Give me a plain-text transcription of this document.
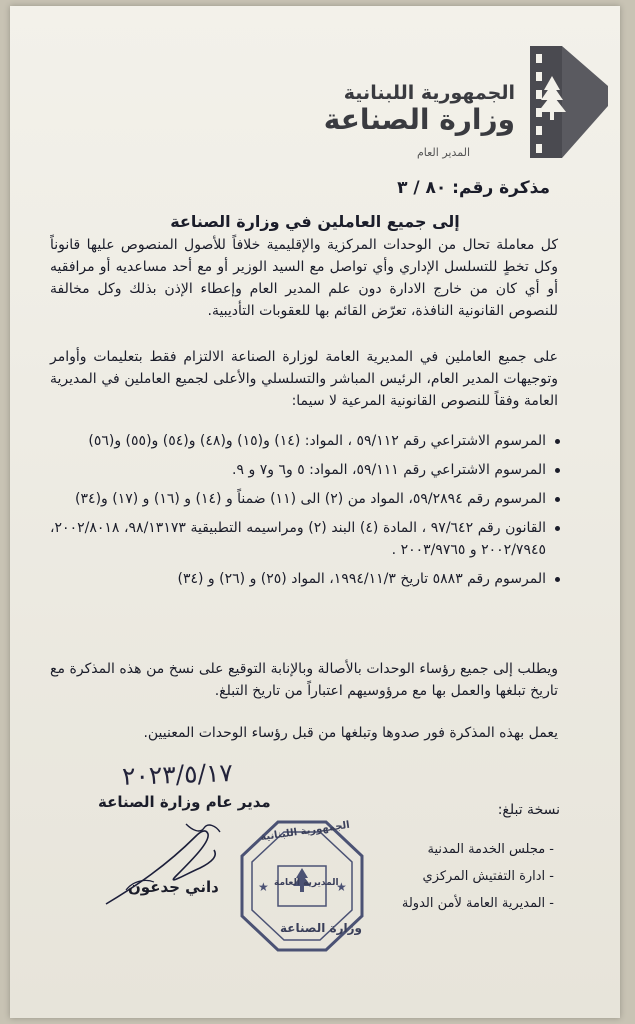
الجمهورية اللبنانية
وزارة الصناعة
المدير العام
مذكرة رقم: ٨٠ / ٣
إلى جميع العاملين في وزارة الصناعة
كل معاملة تحال من الوحدات المركزية والإقليمية خلافاً للأصول المنصوص عليها قانوناً وكل تخطٍ للتسلسل الإداري وأي تواصل مع السيد الوزير أو مع أحد مساعديه أو مرافقيه أو أي كان من خارج الادارة دون علم المدير العام وإعطاء الإذن بذلك وكل مخالفة للنصوص القانونية النافذة، تعرّض القائم بها للعقوبات التأديبية.
على جميع العاملين في المديرية العامة لوزارة الصناعة الالتزام فقط بتعليمات وأوامر وتوجيهات المدير العام، الرئيس المباشر والتسلسلي والأعلى لجميع العاملين في المديرية العامة وفقاً للنصوص القانونية المرعية لا سيما:
المرسوم الاشتراعي رقم ٥٩/١١٢ ، المواد: (١٤) و(١٥) و(٤٨) و(٥٤) و(٥٥) و(٥٦)
المرسوم الاشتراعي رقم ٥٩/١١١، المواد: ٥ و٦ و٧ و ٩.
المرسوم رقم ٥٩/٢٨٩٤، المواد من (٢) الى (١١) ضمناً و (١٤) و (١٦) و (١٧) و(٣٤)
القانون رقم ٩٧/٦٤٢ ، المادة (٤) البند (٢) ومراسيمه التطبيقية ٩٨/١٣١٧٣، ٢٠٠٢/٨٠١٨، ٢٠٠٢/٧٩٤٥ و ٢٠٠٣/٩٧٦٥ .
المرسوم رقم ٥٨٨٣ تاريخ ١٩٩٤/١١/٣، المواد (٢٥) و (٢٦) و (٣٤)
ويطلب إلى جميع رؤساء الوحدات بالأصالة وبالإنابة التوقيع على نسخ من هذه المذكرة مع تاريخ تبلغها والعمل بها مع مرؤوسيهم اعتباراً من تاريخ التبلغ.
يعمل بهذه المذكرة فور صدوها وتبلغها من قبل رؤساء الوحدات المعنيين.
٢٠٢٣/٥/١٧
مدير عام وزارة الصناعة	نسخة تبلغ:
- مجلس الخدمة المدنية
- ادارة التفتيش المركزي
- المديرية العامة لأمن الدولة
داني جدعون	★	★
الجمهورية اللبنانية
المديرية العامة
وزارة الصناعة
